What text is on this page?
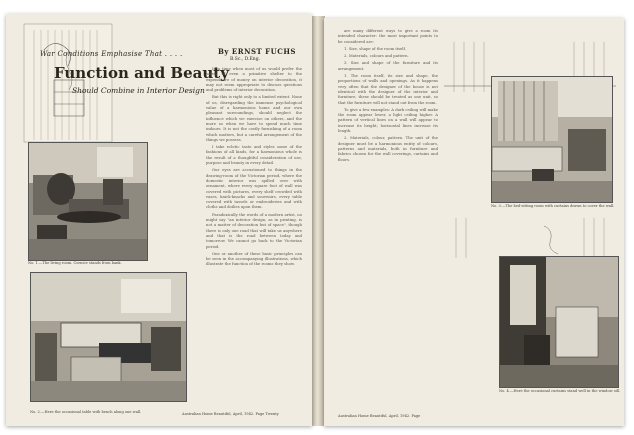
War Conditions Emphasise That . . . .
Function and Beauty
Should Combine in Interior Design
By ERNST FUCHS
B.Sc., D.Eng.

In a time when most of us would prefer the safety of even a primitive shelter to the expenditure of money on interior decoration, it may not seem appropriate to discuss questions and problems of interior decoration.

But this is right only to a limited extent. None of us, disregarding the immense psychological value of a harmonious home and our own pleasant surroundings, should neglect the influence which we exercise on others, and the more so when we have to spend much time indoors. It is not the costly furnishing of a room which matters, but a careful arrangement of the things we possess.

I take ecletic taste and styles some of the fashions of all kinds, for a harmonious whole is the result of a thoughtful consideration of use, purpose and beauty in every detail.

Our eyes are accustomed to things in the drawing-room of the Victorian period, where the domestic interior was spilled over with ornament, where every square foot of wall was covered with pictures, every shelf crowded with vases, knick-knacks and souvenirs, every table covered with tassels or embroideries and with cloths and doilies upon them.

Paradoxically the words of a modern artist, no might say "an interior design, as in printing, is not a matter of decoration but of space", though there is only one road that will take us anywhere and that is the road between today and tomorrow. We cannot go back to the Victorian period.

One or another of these basic principles can be seen in the accompanying illustrations, which illustrate the function of the rooms they show.

No. 1.—The living room. Cornice stands from bank.
No. 2.—Here the occasional table with bench along one wall.	Australian Home Beautiful, April, 1942. Page Twenty

are many different ways to give a room its intended character: the most important points to be considered are:

1. Size, shape of the room itself.

2. Materials, colours and pattern.

3. Size and shape of the furniture and its arrangement.

1. The room itself, its size and shape, the proportions of walls and openings. As it happens very often that the designer of the house is not identical with the designer of the interior and furniture, these should be treated as one unit, so that the furniture will not stand out from the room.

To give a few examples: A dark ceiling will make the room appear lower, a light ceiling higher. A pattern of vertical lines on a wall will appear to increase its height; horizontal lines increase its length.

2. Materials, colour, pattern. The unit of the designer must be a harmonious entity of colours, patterns and materials, both in furniture and fabrics chosen for the wall coverings, curtains and floors.

No. 3.—The bed-sitting room with curtains drawn to cover the wall.
No. 4.—Here the occasional curtains stand well in the window sill.
Australian Home Beautiful, April, 1942. Page
